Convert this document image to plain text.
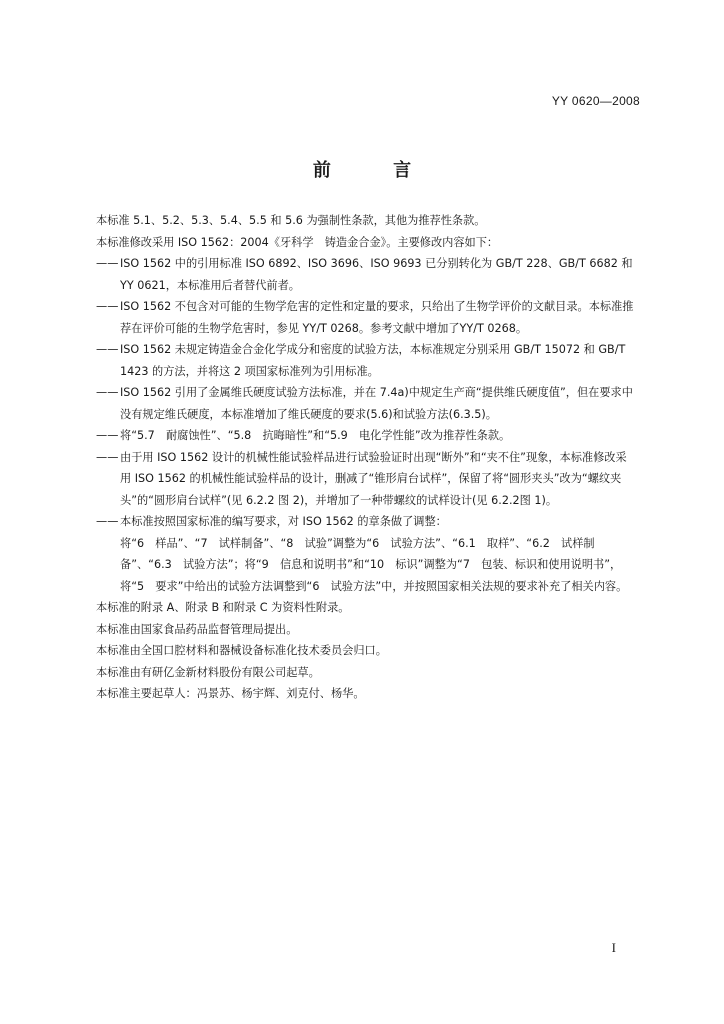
YY 0620—2008
前 言

本标准 5.1、5.2、5.3、5.4、5.5 和 5.6 为强制性条款，其他为推荐性条款。

本标准修改采用 ISO 1562：2004《牙科学　铸造金合金》。主要修改内容如下：

—— ISO 1562 中的引用标准 ISO 6892、ISO 3696、ISO 9693 已分别转化为 GB/T 228、GB/T 6682 和 YY 0621，本标准用后者替代前者。

—— ISO 1562 不包含对可能的生物学危害的定性和定量的要求，只给出了生物学评价的文献目录。本标准推荐在评价可能的生物学危害时，参见 YY/T 0268。参考文献中增加了YY/T 0268。

—— ISO 1562 未规定铸造金合金化学成分和密度的试验方法，本标准规定分别采用 GB/T 15072 和 GB/T 1423 的方法，并将这 2 项国家标准列为引用标准。

—— ISO 1562 引用了金属维氏硬度试验方法标准，并在 7.4a)中规定生产商“提供维氏硬度值”，但在要求中没有规定维氏硬度，本标准增加了维氏硬度的要求(5.6)和试验方法(6.3.5)。

—— 将“5.7　耐腐蚀性”、“5.8　抗晦暗性”和“5.9　电化学性能”改为推荐性条款。

—— 由于用 ISO 1562 设计的机械性能试验样品进行试验验证时出现“断外”和“夹不住”现象，本标准修改采用 ISO 1562 的机械性能试验样品的设计，删减了“锥形肩台试样”，保留了将“圆形夹头”改为“螺纹夹头”的“圆形肩台试样”(见 6.2.2 图 2)，并增加了一种带螺纹的试样设计(见 6.2.2图 1)。

—— 本标准按照国家标准的编写要求，对 ISO 1562 的章条做了调整：

将“6　样品”、“7　试样制备”、“8　试验”调整为“6　试验方法”、“6.1　取样”、“6.2　试样制备”、“6.3　试验方法”；将“9　信息和说明书”和“10　标识”调整为“7　包装、标识和使用说明书”，将“5　要求”中给出的试验方法调整到“6　试验方法”中，并按照国家相关法规的要求补充了相关内容。

本标准的附录 A、附录 B 和附录 C 为资料性附录。

本标准由国家食品药品监督管理局提出。

本标准由全国口腔材料和器械设备标准化技术委员会归口。

本标准由有研亿金新材料股份有限公司起草。

本标准主要起草人：冯景苏、杨宇辉、刘克付、杨华。

I
